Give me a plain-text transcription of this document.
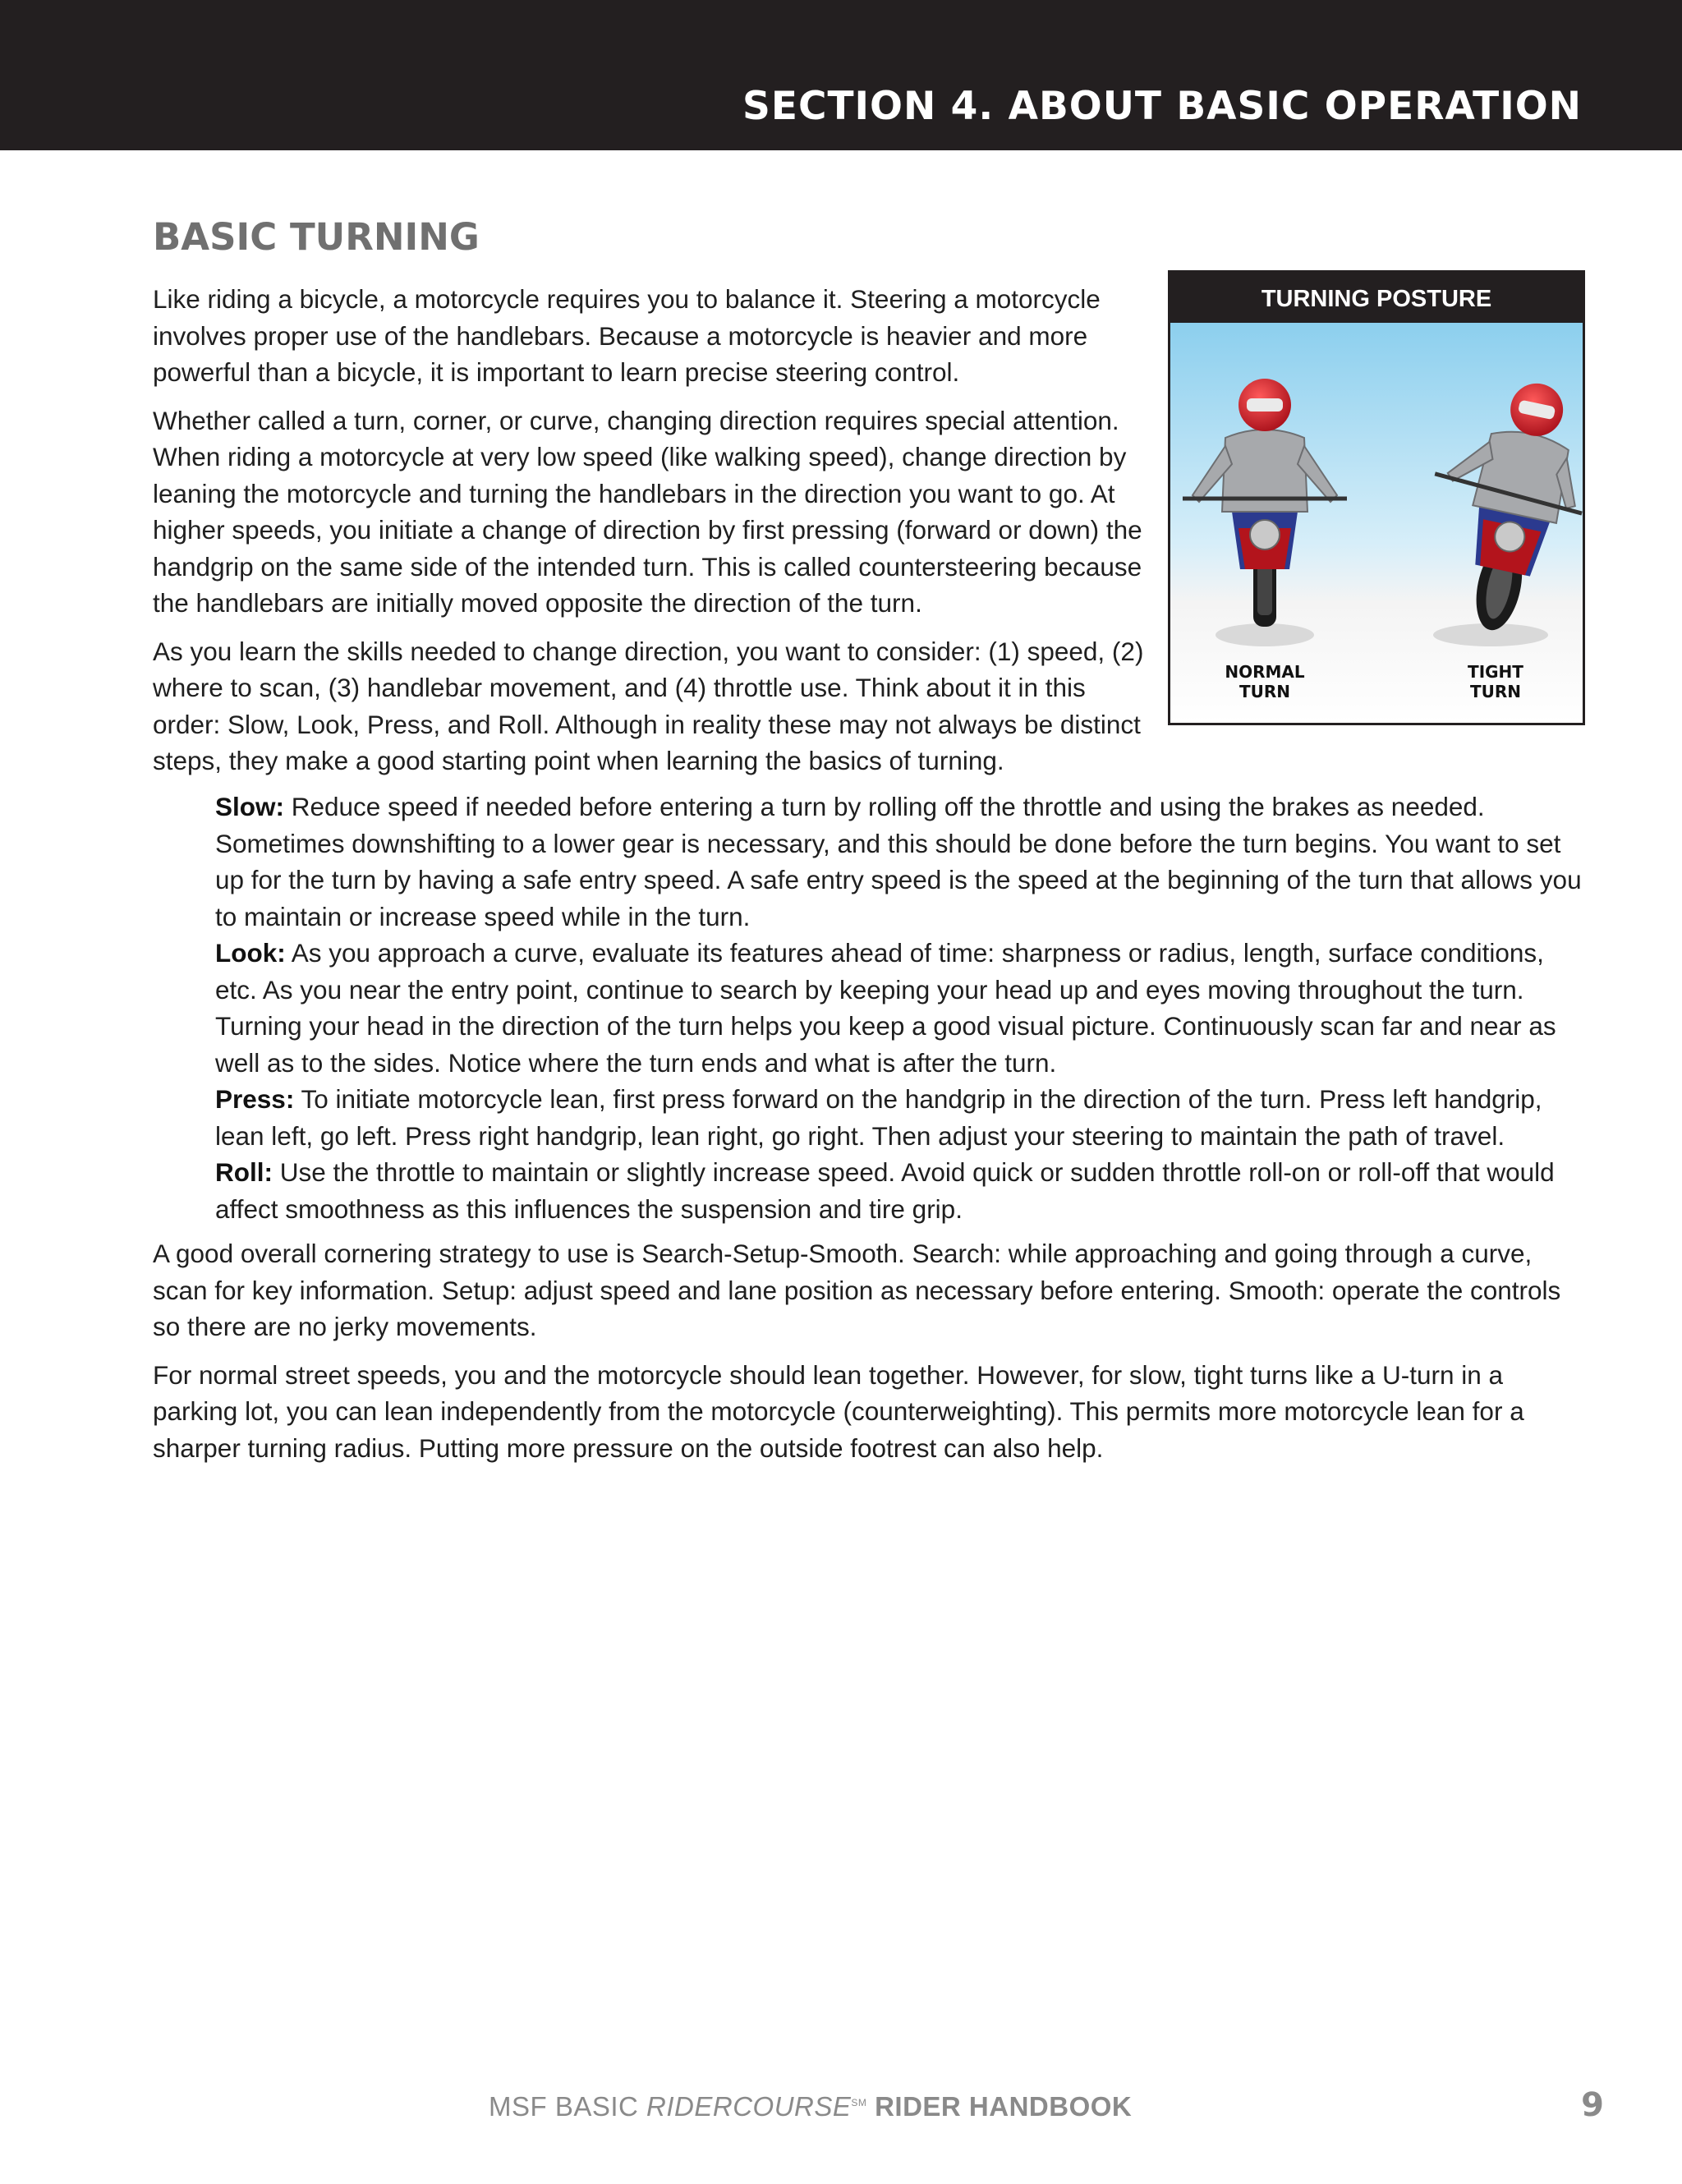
SECTION 4. ABOUT BASIC OPERATION
BASIC TURNING

Like riding a bicycle, a motorcycle requires you to balance it. Steering a motorcycle involves proper use of the handlebars. Because a motorcycle is heavier and more powerful than a bicycle, it is important to learn precise steering control.

Whether called a turn, corner, or curve, changing direction requires special attention. When riding a motorcycle at very low speed (like walking speed), change direction by leaning the motorcycle and turning the handlebars in the direction you want to go. At higher speeds, you initiate a change of direction by first pressing (forward or down) the handgrip on the same side of the intended turn. This is called countersteering because the handlebars are initially moved opposite the direction of the turn.

As you learn the skills needed to change direction, you want to consider: (1) speed, (2) where to scan, (3) handlebar movement, and (4) throttle use. Think about it in this order: Slow, Look, Press, and Roll. Although in reality these may not always be distinct steps, they make a good starting point when learning the basics of turning.

TURNING POSTURE
NORMAL
TURN
TIGHT
TURN

Slow: Reduce speed if needed before entering a turn by rolling off the throttle and using the brakes as needed. Sometimes downshifting to a lower gear is necessary, and this should be done before the turn begins. You want to set up for the turn by having a safe entry speed. A safe entry speed is the speed at the beginning of the turn that allows you to maintain or increase speed while in the turn.

Look: As you approach a curve, evaluate its features ahead of time: sharpness or radius, length, surface conditions, etc. As you near the entry point, continue to search by keeping your head up and eyes moving throughout the turn. Turning your head in the direction of the turn helps you keep a good visual picture. Continuously scan far and near as well as to the sides. Notice where the turn ends and what is after the turn.

Press: To initiate motorcycle lean, first press forward on the handgrip in the direction of the turn. Press left handgrip, lean left, go left. Press right handgrip, lean right, go right. Then adjust your steering to maintain the path of travel.

Roll: Use the throttle to maintain or slightly increase speed. Avoid quick or sudden throttle roll-on or roll-off that would affect smoothness as this influences the suspension and tire grip.

A good overall cornering strategy to use is Search-Setup-Smooth. Search: while approaching and going through a curve, scan for key information. Setup: adjust speed and lane position as necessary before entering. Smooth: operate the controls so there are no jerky movements.

For normal street speeds, you and the motorcycle should lean together. However, for slow, tight turns like a U-turn in a parking lot, you can lean independently from the motorcycle (counterweighting). This permits more motorcycle lean for a sharper turning radius. Putting more pressure on the outside footrest can also help.

MSF BASIC RIDERCOURSE℠ RIDER HANDBOOK	9
